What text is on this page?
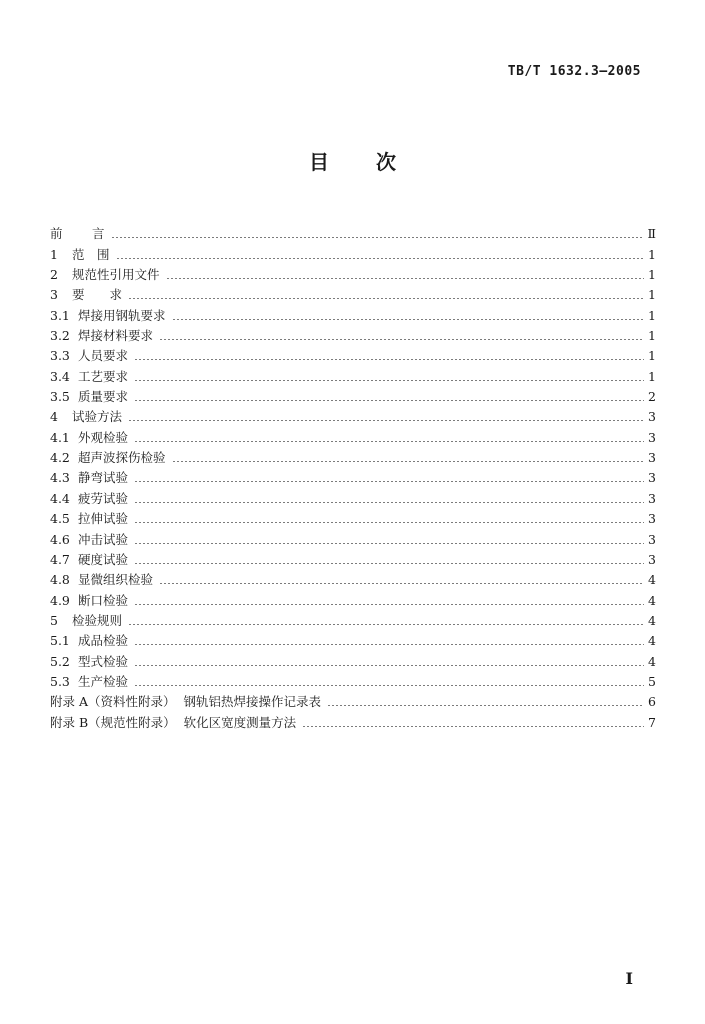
TB/T 1632.3—2005
目 次
前	言	Ⅱ
1	范　围	1
2	规范性引用文件	1
3	要　　求	1
3.1 焊接用钢轨要求	1
3.2 焊接材料要求	1
3.3 人员要求	1
3.4 工艺要求	1
3.5 质量要求	2
4	试验方法	3
4.1 外观检验	3
4.2 超声波探伤检验	3
4.3 静弯试验	3
4.4 疲劳试验	3
4.5 拉伸试验	3
4.6 冲击试验	3
4.7 硬度试验	3
4.8 显微组织检验	4
4.9 断口检验	4
5	检验规则	4
5.1 成品检验	4
5.2 型式检验	4
5.3 生产检验	5
附录 A（资料性附录） 钢轨铝热焊接操作记录表	6
附录 B（规范性附录） 软化区宽度测量方法	7
I
